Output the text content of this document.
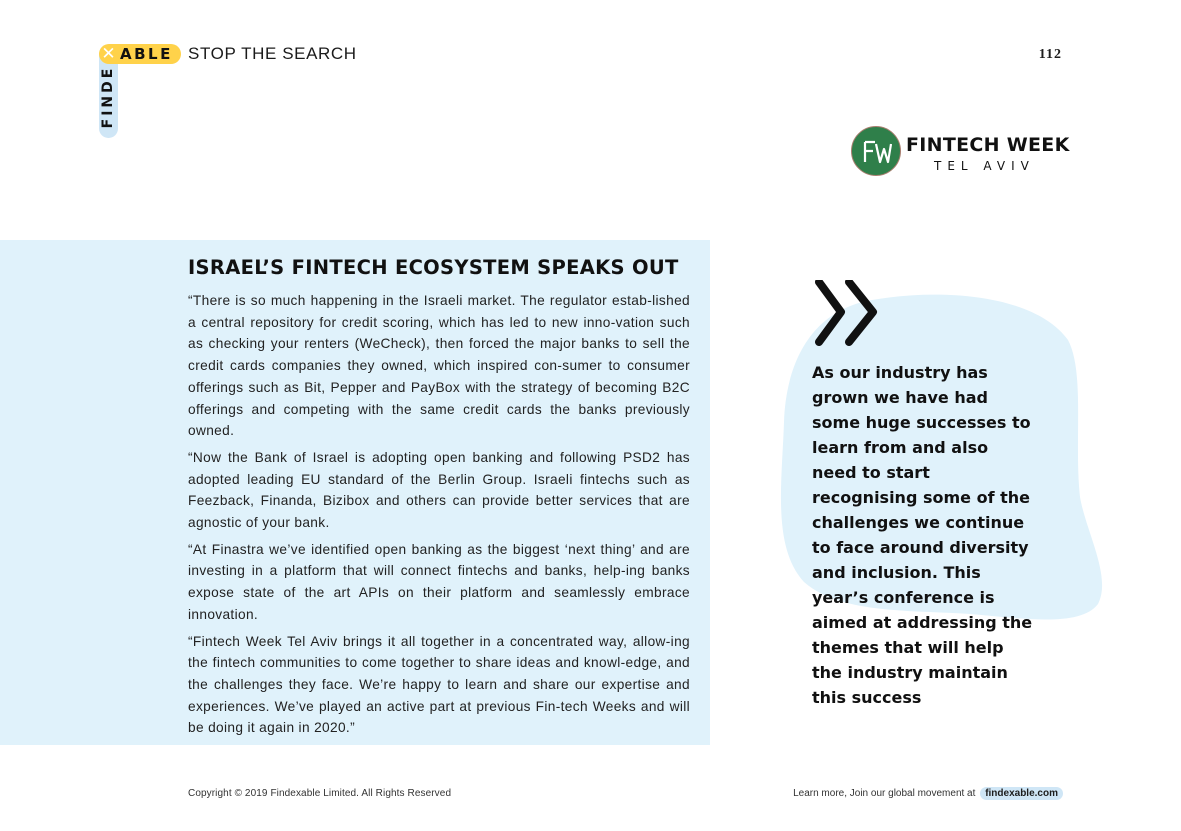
✕ ABLE
FINDE
STOP THE SEARCH	112
FINTECH WEEK
TEL AVIV
ISRAEL’S FINTECH ECOSYSTEM SPEAKS OUT

“There is so much happening in the Israeli market. The regulator estab-lished a central repository for credit scoring, which has led to new inno-vation such as checking your renters (WeCheck), then forced the major banks to sell the credit cards companies they owned, which inspired con-sumer to consumer offerings such as Bit, Pepper and PayBox with the strategy of becoming B2C offerings and competing with the same credit cards the banks previously owned.

“Now the Bank of Israel is adopting open banking and following PSD2 has adopted leading EU standard of the Berlin Group. Israeli fintechs such as Feezback, Finanda, Bizibox and others can provide better services that are agnostic of your bank.

“At Finastra we’ve identified open banking as the biggest ‘next thing’ and are investing in a platform that will connect fintechs and banks, help-ing banks expose state of the art APIs on their platform and seamlessly embrace innovation.

“Fintech Week Tel Aviv brings it all together in a concentrated way, allow-ing the fintech communities to come together to share ideas and knowl-edge, and the challenges they face. We’re happy to learn and share our expertise and experiences. We’ve played an active part at previous Fin-tech Weeks and will be doing it again in 2020.”

As our industry has grown we have had some huge successes to learn from and also need to start recognising some of the challenges we continue to face around diversity and inclusion. This year’s conference is aimed at addressing the themes that will help the industry maintain this success
Copyright © 2019 Findexable Limited. All Rights Reserved	Learn more, Join our global movement at findexable.com
